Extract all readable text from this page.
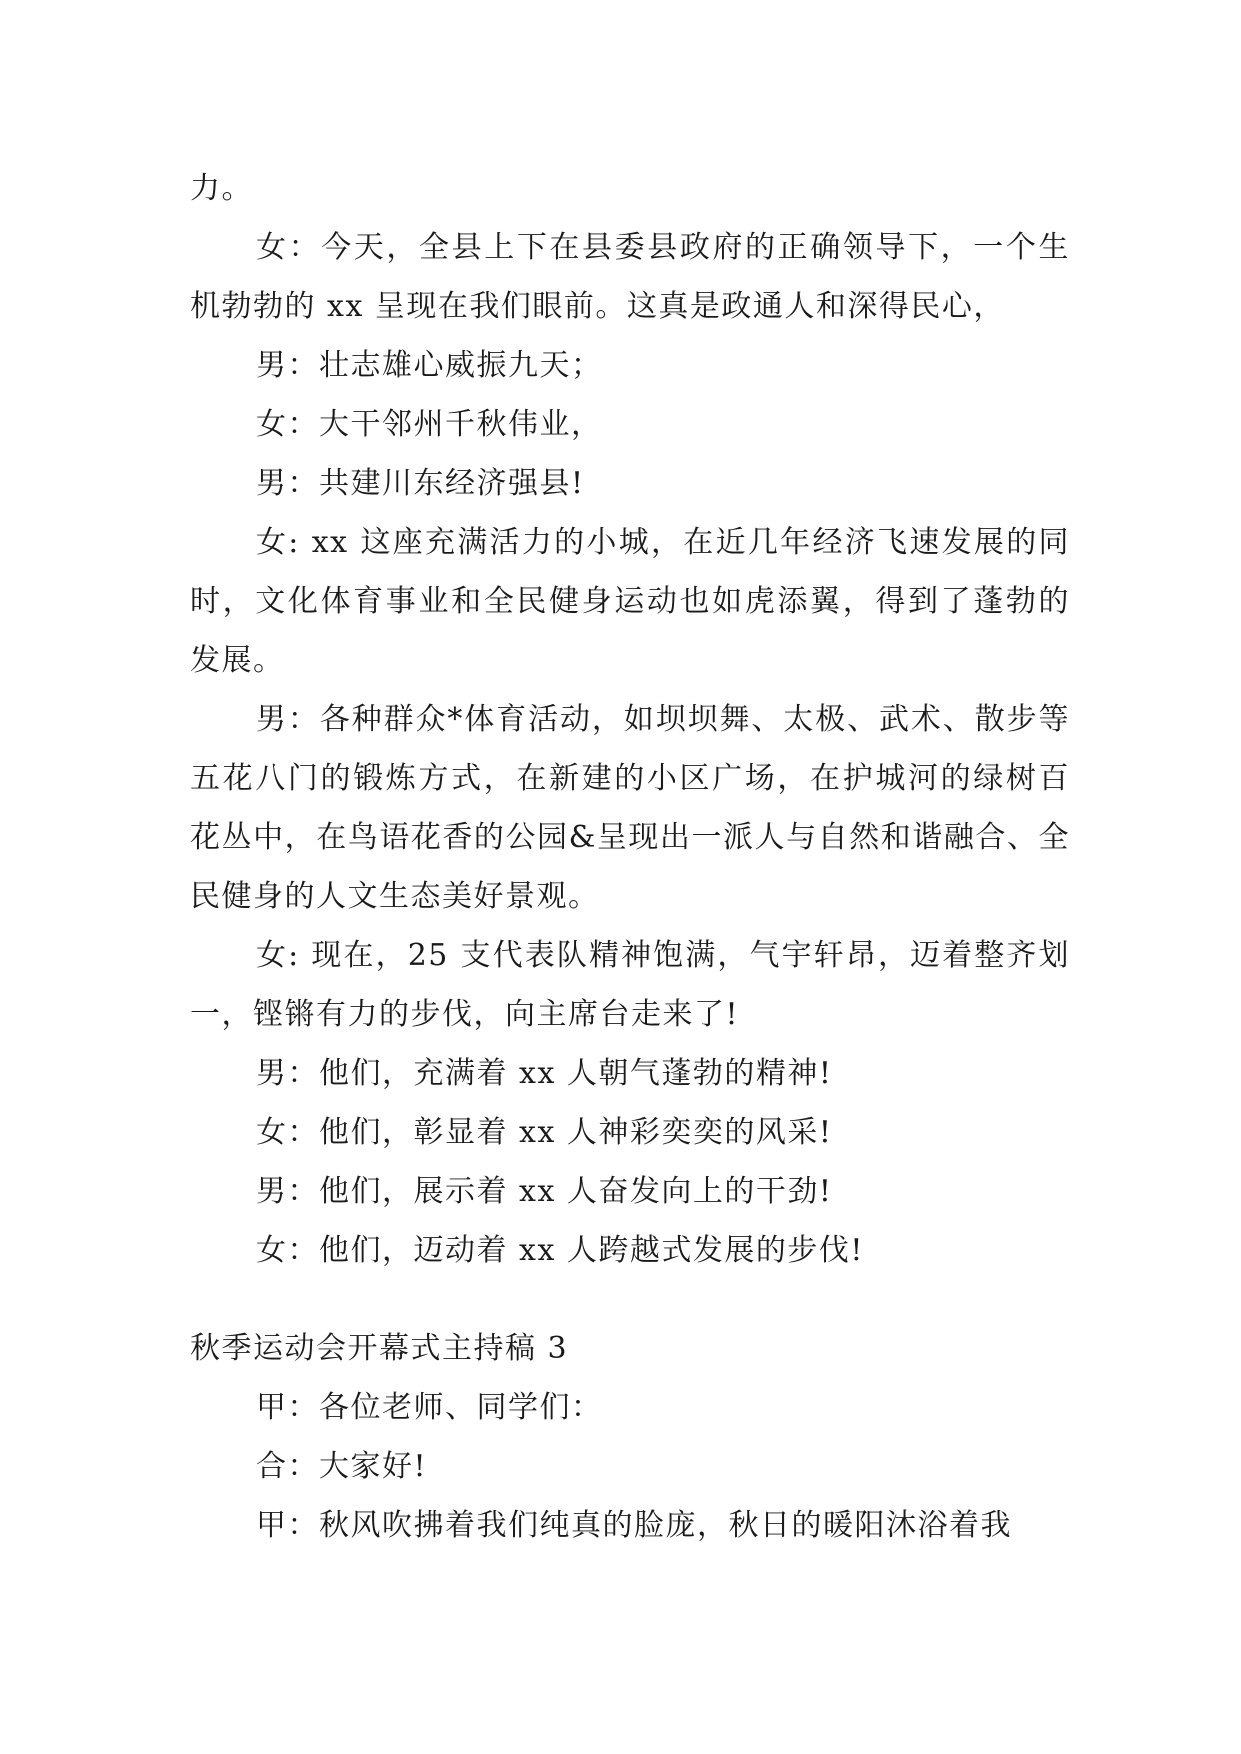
力。

女：今天，全县上下在县委县政府的正确领导下，一个生机勃勃的 xx 呈现在我们眼前。这真是政通人和深得民心，

男：壮志雄心威振九天；

女：大干邻州千秋伟业，

男：共建川东经济强县!

女: xx 这座充满活力的小城，在近几年经济飞速发展的同时，文化体育事业和全民健身运动也如虎添翼，得到了蓬勃的发展。

男：各种群众*体育活动，如坝坝舞、太极、武术、散步等五花八门的锻炼方式，在新建的小区广场，在护城河的绿树百花丛中，在鸟语花香的公园&呈现出一派人与自然和谐融合、全民健身的人文生态美好景观。

女: 现在，25 支代表队精神饱满，气宇轩昂，迈着整齐划一，铿锵有力的步伐，向主席台走来了!

男：他们，充满着 xx 人朝气蓬勃的精神!

女：他们，彰显着 xx 人神彩奕奕的风采!

男：他们，展示着 xx 人奋发向上的干劲!

女：他们，迈动着 xx 人跨越式发展的步伐!

秋季运动会开幕式主持稿 3

甲：各位老师、同学们：

合：大家好!

甲：秋风吹拂着我们纯真的脸庞，秋日的暖阳沐浴着我
